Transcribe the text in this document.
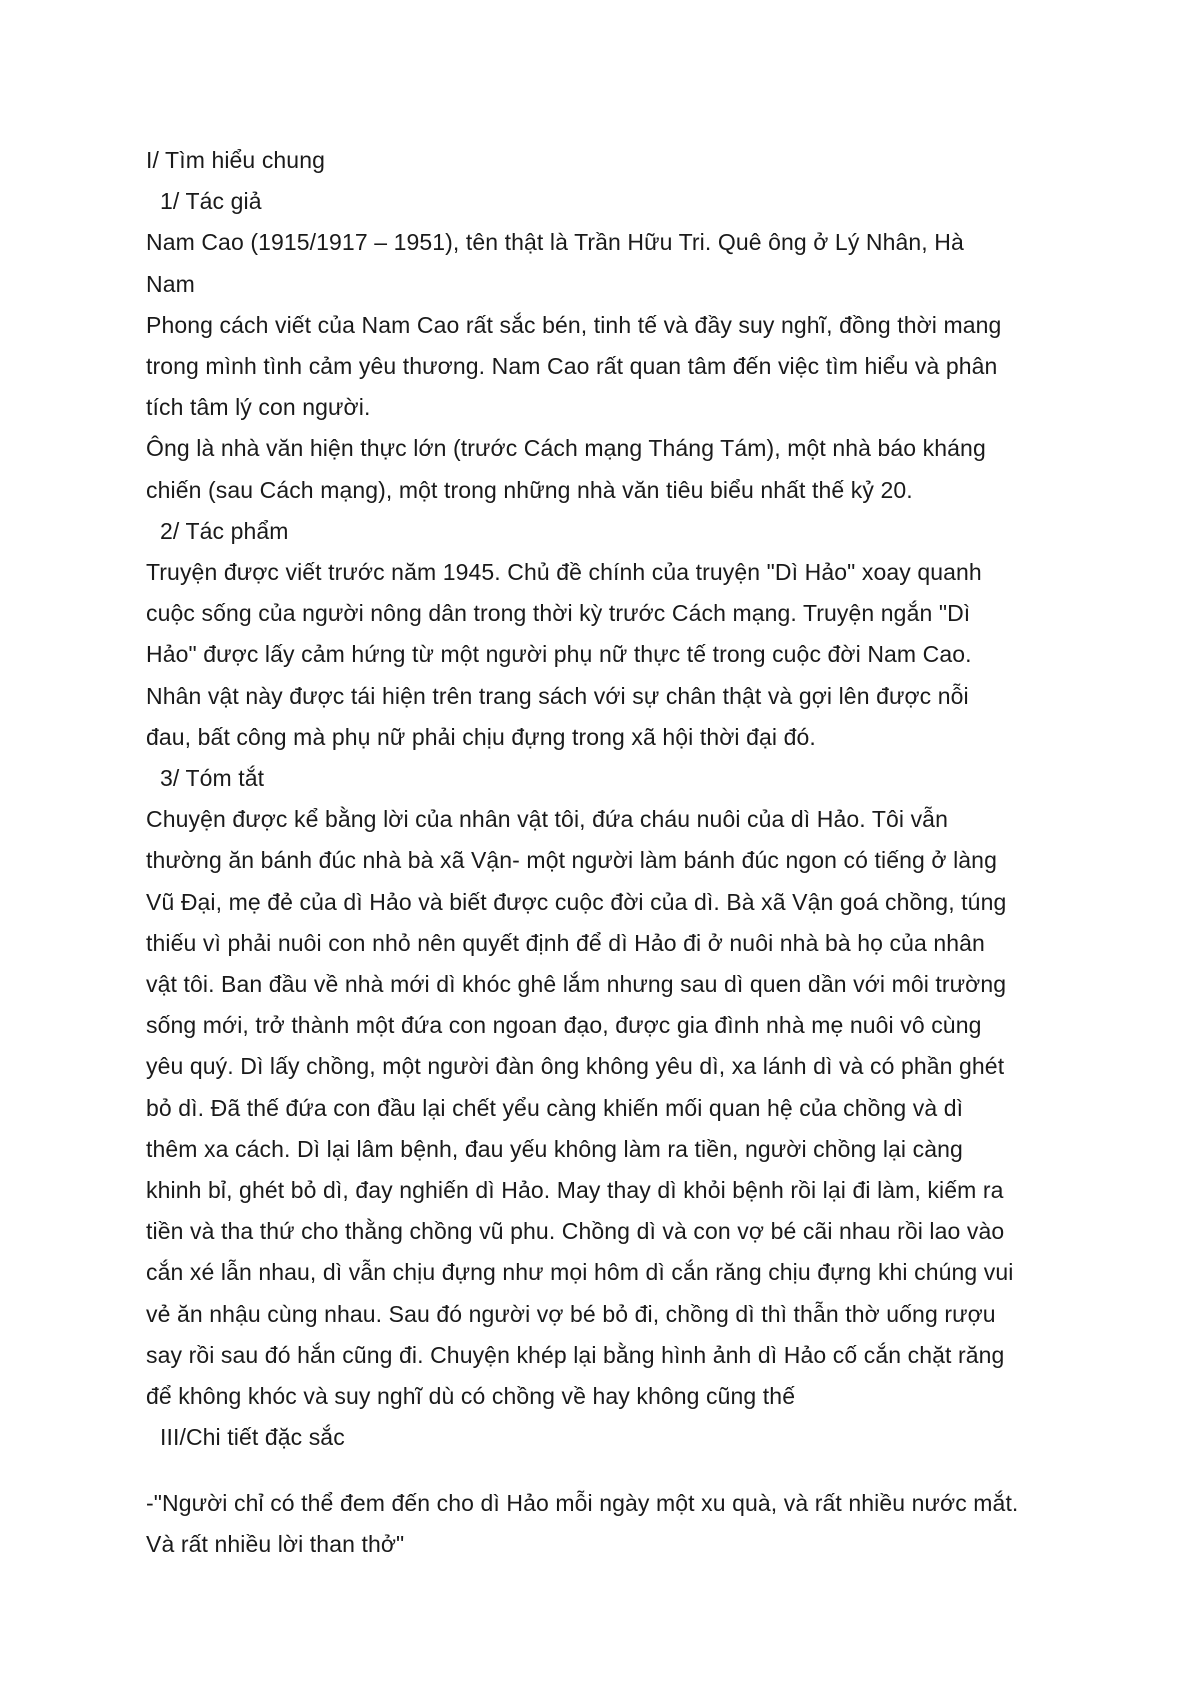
I/ Tìm hiểu chung
1/ Tác giả
Nam Cao (1915/1917 – 1951), tên thật là Trần Hữu Tri. Quê ông ở Lý Nhân, Hà
Nam
Phong cách viết của Nam Cao rất sắc bén, tinh tế và đầy suy nghĩ, đồng thời mang
trong mình tình cảm yêu thương. Nam Cao rất quan tâm đến việc tìm hiểu và phân
tích tâm lý con người.
Ông là nhà văn hiện thực lớn (trước Cách mạng Tháng Tám), một nhà báo kháng
chiến (sau Cách mạng), một trong những nhà văn tiêu biểu nhất thế kỷ 20.
2/ Tác phẩm
Truyện được viết trước năm 1945. Chủ đề chính của truyện "Dì Hảo" xoay quanh
cuộc sống của người nông dân trong thời kỳ trước Cách mạng. Truyện ngắn "Dì
Hảo" được lấy cảm hứng từ một người phụ nữ thực tế trong cuộc đời Nam Cao.
Nhân vật này được tái hiện trên trang sách với sự chân thật và gợi lên được nỗi
đau, bất công mà phụ nữ phải chịu đựng trong xã hội thời đại đó.
3/ Tóm tắt
Chuyện được kể bằng lời của nhân vật tôi, đứa cháu nuôi của dì Hảo. Tôi vẫn
thường ăn bánh đúc nhà bà xã Vận- một người làm bánh đúc ngon có tiếng ở làng
Vũ Đại, mẹ đẻ của dì Hảo và biết được cuộc đời của dì. Bà xã Vận goá chồng, túng
thiếu vì phải nuôi con nhỏ nên quyết định để dì Hảo đi ở nuôi nhà bà họ của nhân
vật tôi. Ban đầu về nhà mới dì khóc ghê lắm nhưng sau dì quen dần với môi trường
sống mới, trở thành một đứa con ngoan đạo, được gia đình nhà mẹ nuôi vô cùng
yêu quý. Dì lấy chồng, một người đàn ông không yêu dì, xa lánh dì và có phần ghét
bỏ dì. Đã thế đứa con đầu lại chết yểu càng khiến mối quan hệ của chồng và dì
thêm xa cách. Dì lại lâm bệnh, đau yếu không làm ra tiền, người chồng lại càng
khinh bỉ, ghét bỏ dì, đay nghiến dì Hảo. May thay dì khỏi bệnh rồi lại đi làm, kiếm ra
tiền và tha thứ cho thằng chồng vũ phu. Chồng dì và con vợ bé cãi nhau rồi lao vào
cắn xé lẫn nhau, dì vẫn chịu đựng như mọi hôm dì cắn răng chịu đựng khi chúng vui
vẻ ăn nhậu cùng nhau. Sau đó người vợ bé bỏ đi, chồng dì thì thẫn thờ uống rượu
say rồi sau đó hắn cũng đi. Chuyện khép lại bằng hình ảnh dì Hảo cố cắn chặt răng
để không khóc và suy nghĩ dù có chồng về hay không cũng thế
III/Chi tiết đặc sắc
-"Người chỉ có thể đem đến cho dì Hảo mỗi ngày một xu quà, và rất nhiều nước mắt.
Và rất nhiều lời than thở"
